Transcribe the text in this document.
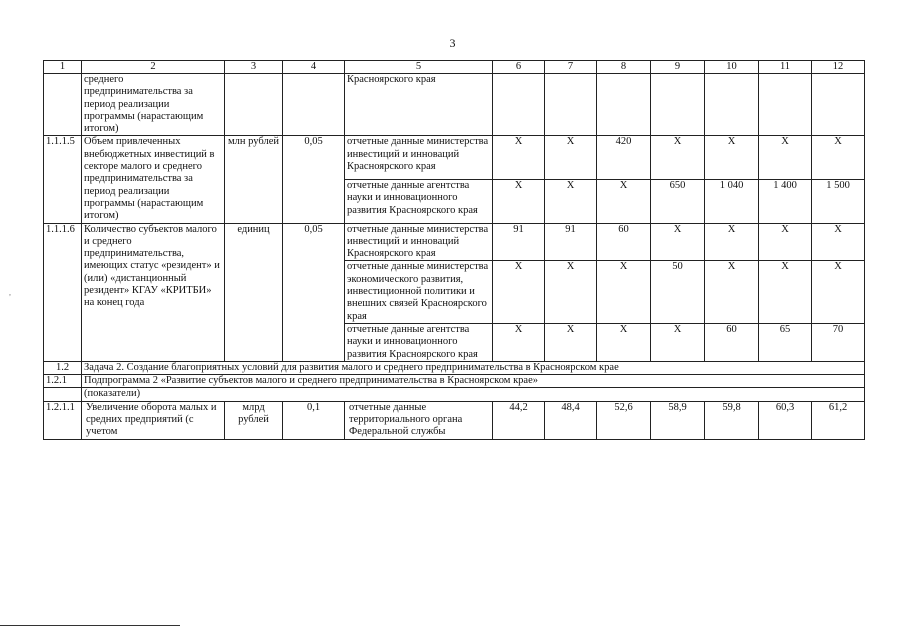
3
,
1	2	3	4	5	6	7	8	9	10	11	12
	среднего предпринимательства за период реализации программы (нарастающим итогом)			Красноярского края							
1.1.1.5	Объем привлеченных внебюджетных инвестиций в секторе малого и среднего предпринимательства за период реализации программы (нарастающим итогом)	млн рублей	0,05	отчетные данные министерства инвестиций и инноваций Красноярского края	X	X	420	X	X	X	X
				отчетные данные агентства науки и инновационного развития Красноярского края	X	X	X	650	1 040	1 400	1 500
1.1.1.6	Количество субъектов малого и среднего предпринимательства, имеющих статус «резидент» и (или) «дистанционный резидент» КГАУ «КРИТБИ» на конец года	единиц	0,05	отчетные данные министерства инвестиций и инноваций Красноярского края	91	91	60	X	X	X	X
				отчетные данные министерства экономического развития, инвестиционной политики и внешних связей Красноярского края	X	X	X	50	X	X	X
				отчетные данные агентства науки и инновационного развития Красноярского края	X	X	X	X	60	65	70
1.2	Задача 2. Создание благоприятных условий для развития малого и среднего предпринимательства в Красноярском крае										
1.2.1	Подпрограмма 2 «Развитие субъектов малого и среднего предпринимательства в Красноярском крае»										
	(показатели)										
1.2.1.1	Увеличение оборота малых и средних предприятий (с учетом	млрд рублей	0,1	отчетные данные территориального органа Федеральной службы	44,2	48,4	52,6	58,9	59,8	60,3	61,2
